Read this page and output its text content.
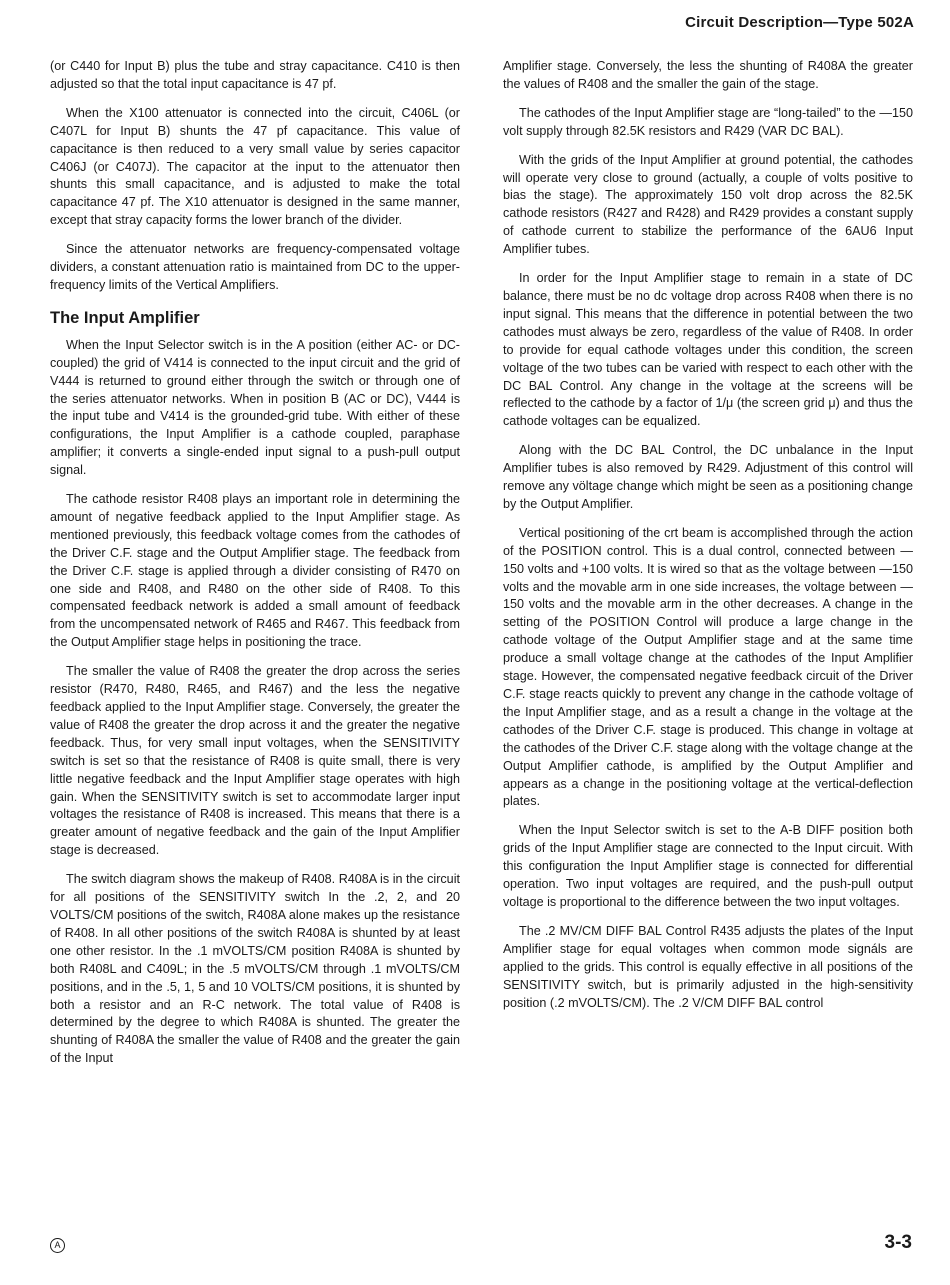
Circuit Description—Type 502A

(or C440 for Input B) plus the tube and stray capacitance. C410 is then adjusted so that the total input capacitance is 47 pf.

When the X100 attenuator is connected into the circuit, C406L (or C407L for Input B) shunts the 47 pf capacitance. This value of capacitance is then reduced to a very small value by series capacitor C406J (or C407J). The capacitor at the input to the attenuator then shunts this small capacitance, and is adjusted to make the total capacitance 47 pf. The X10 attenuator is designed in the same manner, except that stray capacity forms the lower branch of the divider.

Since the attenuator networks are frequency-compensated voltage dividers, a constant attenuation ratio is maintained from DC to the upper-frequency limits of the Vertical Amplifiers.

The Input Amplifier

When the Input Selector switch is in the A position (either AC- or DC-coupled) the grid of V414 is connected to the input circuit and the grid of V444 is returned to ground either through the switch or through one of the series attenuator networks. When in position B (AC or DC), V444 is the input tube and V414 is the grounded-grid tube. With either of these configurations, the Input Amplifier is a cathode coupled, paraphase amplifier; it converts a single-ended input signal to a push-pull output signal.

The cathode resistor R408 plays an important role in determining the amount of negative feedback applied to the Input Amplifier stage. As mentioned previously, this feedback voltage comes from the cathodes of the Driver C.F. stage and the Output Amplifier stage. The feedback from the Driver C.F. stage is applied through a divider consisting of R470 on one side and R408, and R480 on the other side of R408. To this compensated feedback network is added a small amount of feedback from the uncompensated network of R465 and R467. This feedback from the Output Amplifier stage helps in positioning the trace.

The smaller the value of R408 the greater the drop across the series resistor (R470, R480, R465, and R467) and the less the negative feedback applied to the Input Amplifier stage. Conversely, the greater the value of R408 the greater the drop across it and the greater the negative feedback. Thus, for very small input voltages, when the SENSITIVITY switch is set so that the resistance of R408 is quite small, there is very little negative feedback and the Input Amplifier stage operates with high gain. When the SENSITIVITY switch is set to accommodate larger input voltages the resistance of R408 is increased. This means that there is a greater amount of negative feedback and the gain of the Input Amplifier stage is decreased.

The switch diagram shows the makeup of R408. R408A is in the circuit for all positions of the SENSITIVITY switch In the .2, 2, and 20 VOLTS/CM positions of the switch, R408A alone makes up the resistance of R408. In all other positions of the switch R408A is shunted by at least one other resistor. In the .1 mVOLTS/CM position R408A is shunted by both R408L and C409L; in the .5 mVOLTS/CM through .1 mVOLTS/CM positions, and in the .5, 1, 5 and 10 VOLTS/CM positions, it is shunted by both a resistor and an R-C network. The total value of R408 is determined by the degree to which R408A is shunted. The greater the shunting of R408A the smaller the value of R408 and the greater the gain of the Input

Amplifier stage. Conversely, the less the shunting of R408A the greater the values of R408 and the smaller the gain of the stage.

The cathodes of the Input Amplifier stage are “long-tailed” to the —150 volt supply through 82.5K resistors and R429 (VAR DC BAL).

With the grids of the Input Amplifier at ground potential, the cathodes will operate very close to ground (actually, a couple of volts positive to bias the stage). The approximately 150 volt drop across the 82.5K cathode resistors (R427 and R428) and R429 provides a constant supply of cathode current to stabilize the performance of the 6AU6 Input Amplifier tubes.

In order for the Input Amplifier stage to remain in a state of DC balance, there must be no dc voltage drop across R408 when there is no input signal. This means that the difference in potential between the two cathodes must always be zero, regardless of the value of R408. In order to provide for equal cathode voltages under this condition, the screen voltage of the two tubes can be varied with respect to each other with the DC BAL Control. Any change in the voltage at the screens will be reflected to the cathode by a factor of 1/μ (the screen grid μ) and thus the cathode voltages can be equalized.

Along with the DC BAL Control, the DC unbalance in the Input Amplifier tubes is also removed by R429. Adjustment of this control will remove any völtage change which might be seen as a positioning change by the Output Amplifier.

Vertical positioning of the crt beam is accomplished through the action of the POSITION control. This is a dual control, connected between —150 volts and +100 volts. It is wired so that as the voltage between —150 volts and the movable arm in one side increases, the voltage between —150 volts and the movable arm in the other decreases. A change in the setting of the POSITION Control will produce a large change in the cathode voltage of the Output Amplifier stage and at the same time produce a small voltage change at the cathodes of the Input Amplifier stage. However, the compensated negative feedback circuit of the Driver C.F. stage reacts quickly to prevent any change in the cathode voltage of the Input Amplifier stage, and as a result a change in the voltage at the cathodes of the Driver C.F. stage is produced. This change in voltage at the cathodes of the Driver C.F. stage along with the voltage change at the Output Amplifier cathode, is amplified by the Output Amplifier and appears as a change in the positioning voltage at the vertical-deflection plates.

When the Input Selector switch is set to the A-B DIFF position both grids of the Input Amplifier stage are connected to the Input circuit. With this configuration the Input Amplifier stage is connected for differential operation. Two input voltages are required, and the push-pull output voltage is proportional to the difference between the two input voltages.

The .2 MV/CM DIFF BAL Control R435 adjusts the plates of the Input Amplifier stage for equal voltages when common mode signáls are applied to the grids. This control is equally effective in all positions of the SENSITIVITY switch, but is primarily adjusted in the high-sensitivity position (.2 mVOLTS/CM). The .2 V/CM DIFF BAL control

A	3-3
